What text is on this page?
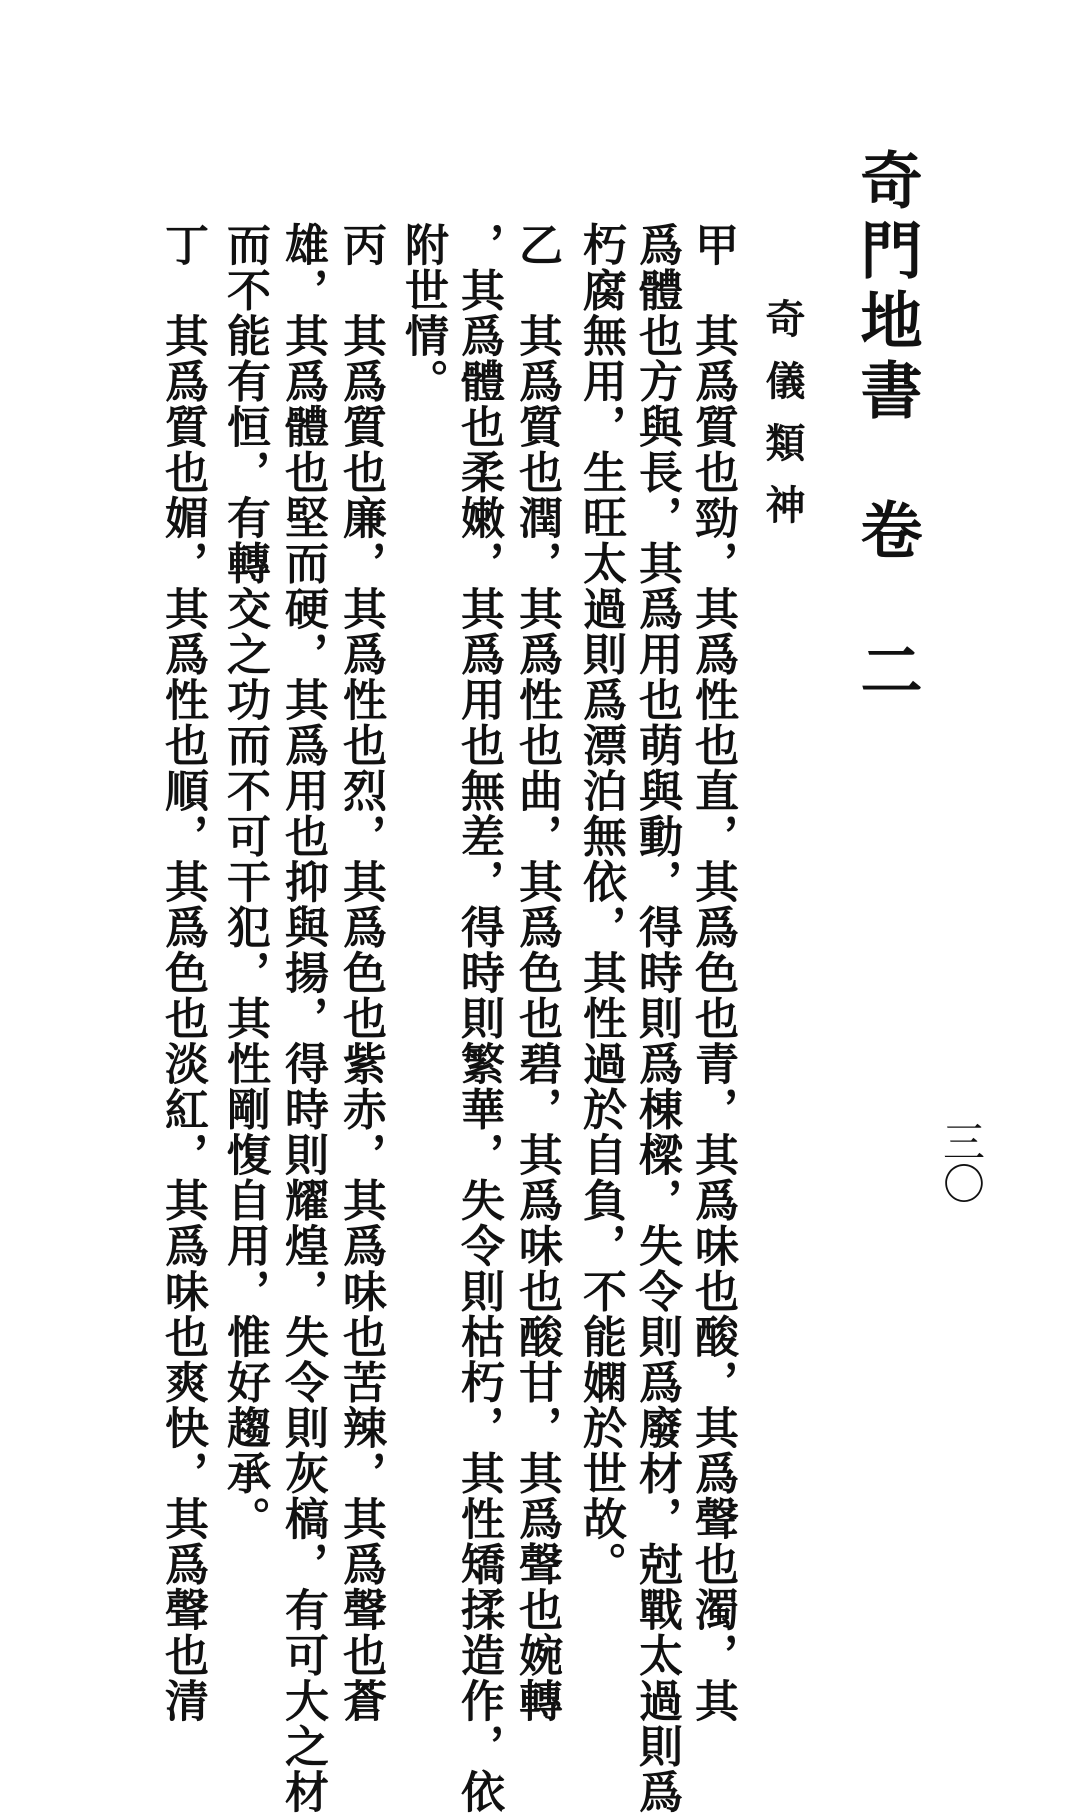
奇門地書　卷　二
三〇
奇儀類神
甲　其爲質也勁，其爲性也直，其爲色也青，其爲味也酸，其爲聲也濁，其
爲體也方與長，其爲用也萌與動，得時則爲棟樑，失令則爲廢材，尅戰太過則爲
朽腐無用，生旺太過則爲漂泊無依，其性過於自負，不能嫻於世故。
乙　其爲質也潤，其爲性也曲，其爲色也碧，其爲味也酸甘，其爲聲也婉轉
，其爲體也柔嫩，其爲用也無差，得時則繁華，失令則枯朽，其性矯揉造作，依
附世情。
丙　其爲質也廉，其爲性也烈，其爲色也紫赤，其爲味也苦辣，其爲聲也蒼
雄，其爲體也堅而硬，其爲用也抑與揚，得時則耀煌，失令則灰槁，有可大之材
而不能有恒，有轉交之功而不可干犯，其性剛愎自用，惟好趨承。
丁　其爲質也媚，其爲性也順，其爲色也淡紅，其爲味也爽快，其爲聲也清
